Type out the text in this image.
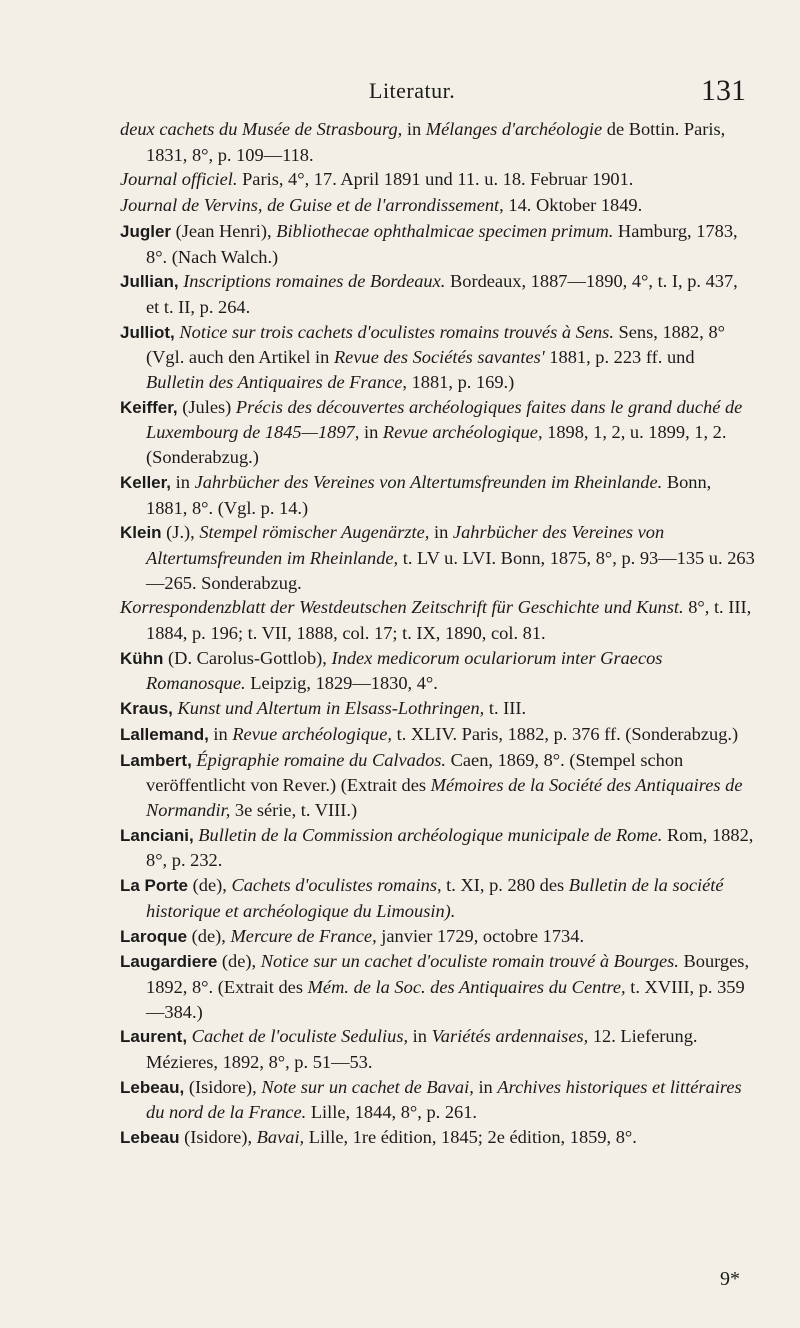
Literatur.	131

deux cachets du Musée de Strasbourg, in Mélanges d'archéologie de Bottin. Paris, 1831, 8°, p. 109—118.

Journal officiel. Paris, 4°, 17. April 1891 und 11. u. 18. Februar 1901.

Journal de Vervins, de Guise et de l'arrondissement, 14. Oktober 1849.

Jugler (Jean Henri), Bibliothecae ophthalmicae specimen primum. Hamburg, 1783, 8°. (Nach Walch.)

Jullian, Inscriptions romaines de Bordeaux. Bordeaux, 1887—1890, 4°, t. I, p. 437, et t. II, p. 264.

Julliot, Notice sur trois cachets d'oculistes romains trouvés à Sens. Sens, 1882, 8° (Vgl. auch den Artikel in Revue des Sociétés savantes' 1881, p. 223 ff. und Bulletin des Antiquaires de France, 1881, p. 169.)

Keiffer, (Jules) Précis des découvertes archéologiques faites dans le grand duché de Luxembourg de 1845—1897, in Revue archéologique, 1898, 1, 2, u. 1899, 1, 2. (Sonderabzug.)

Keller, in Jahrbücher des Vereines von Altertumsfreunden im Rheinlande. Bonn, 1881, 8°. (Vgl. p. 14.)

Klein (J.), Stempel römischer Augenärzte, in Jahrbücher des Vereines von Altertumsfreunden im Rheinlande, t. LV u. LVI. Bonn, 1875, 8°, p. 93—135 u. 263—265. Sonderabzug.

Korrespondenzblatt der Westdeutschen Zeitschrift für Geschichte und Kunst. 8°, t. III, 1884, p. 196; t. VII, 1888, col. 17; t. IX, 1890, col. 81.

Kühn (D. Carolus-Gottlob), Index medicorum oculariorum inter Graecos Romanosque. Leipzig, 1829—1830, 4°.

Kraus, Kunst und Altertum in Elsass-Lothringen, t. III.

Lallemand, in Revue archéologique, t. XLIV. Paris, 1882, p. 376 ff. (Sonderabzug.)

Lambert, Épigraphie romaine du Calvados. Caen, 1869, 8°. (Stempel schon veröffentlicht von Rever.) (Extrait des Mémoires de la Société des Antiquaires de Normandir, 3e série, t. VIII.)

Lanciani, Bulletin de la Commission archéologique municipale de Rome. Rom, 1882, 8°, p. 232.

La Porte (de), Cachets d'oculistes romains, t. XI, p. 280 des Bulletin de la société historique et archéologique du Limousin).

Laroque (de), Mercure de France, janvier 1729, octobre 1734.

Laugardiere (de), Notice sur un cachet d'oculiste romain trouvé à Bourges. Bourges, 1892, 8°. (Extrait des Mém. de la Soc. des Antiquaires du Centre, t. XVIII, p. 359—384.)

Laurent, Cachet de l'oculiste Sedulius, in Variétés ardennaises, 12. Lieferung. Mézieres, 1892, 8°, p. 51—53.

Lebeau, (Isidore), Note sur un cachet de Bavai, in Archives historiques et littéraires du nord de la France. Lille, 1844, 8°, p. 261.

Lebeau (Isidore), Bavai, Lille, 1re édition, 1845; 2e édition, 1859, 8°.

9*
